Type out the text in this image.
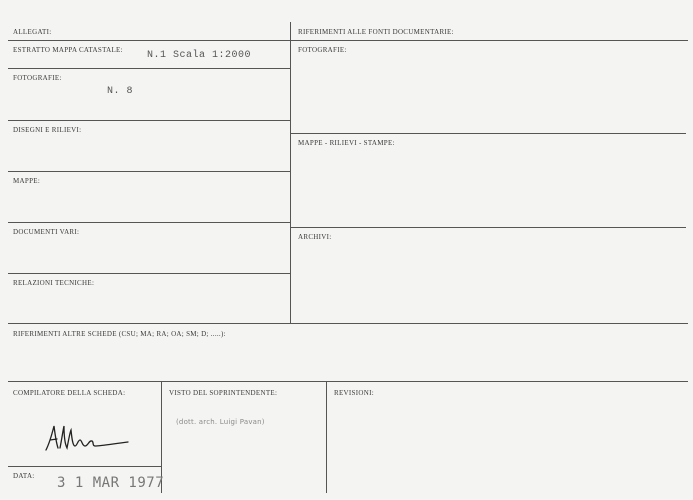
ALLEGATI:
ESTRATTO MAPPA CATASTALE: N.1 Scala 1:2000
FOTOGRAFIE:
N. 8
DISEGNI E RILIEVI:
MAPPE:
DOCUMENTI VARI:
RELAZIONI TECNICHE:
RIFERIMENTI ALLE FONTI DOCUMENTARIE:
FOTOGRAFIE:
MAPPE - RILIEVI - STAMPE:
ARCHIVI:
RIFERIMENTI ALTRE SCHEDE (CSU; MA; RA; OA; SM; D; .....):
COMPILATORE DELLA SCHEDA:
DATA: 3 1 MAR 1977
VISTO DEL SOPRINTENDENTE:
(dott. arch. Luigi Pavan)
REVISIONI:
